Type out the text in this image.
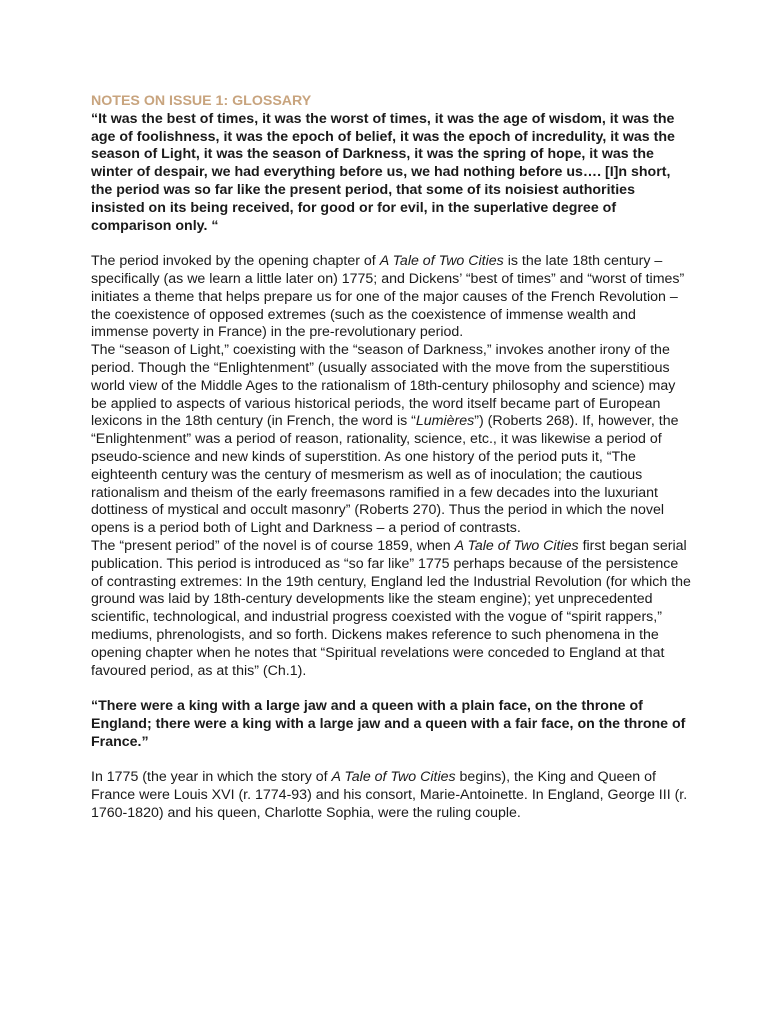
NOTES ON ISSUE 1: GLOSSARY

“It was the best of times, it was the worst of times, it was the age of wisdom, it was the age of foolishness, it was the epoch of belief, it was the epoch of incredulity, it was the season of Light, it was the season of Darkness, it was the spring of hope, it was the winter of despair, we had everything before us, we had nothing before us…. [I]n short, the period was so far like the present period, that some of its noisiest authorities insisted on its being received, for good or for evil, in the superlative degree of comparison only. “

The period invoked by the opening chapter of A Tale of Two Cities is the late 18th century – specifically (as we learn a little later on) 1775; and Dickens’ “best of times” and “worst of times” initiates a theme that helps prepare us for one of the major causes of the French Revolution – the coexistence of opposed extremes (such as the coexistence of immense wealth and immense poverty in France) in the pre-revolutionary period.

The “season of Light,” coexisting with the “season of Darkness,” invokes another irony of the period. Though the “Enlightenment” (usually associated with the move from the superstitious world view of the Middle Ages to the rationalism of 18th-century philosophy and science) may be applied to aspects of various historical periods, the word itself became part of European lexicons in the 18th century (in French, the word is “Lumières”) (Roberts 268). If, however, the “Enlightenment” was a period of reason, rationality, science, etc., it was likewise a period of pseudo-science and new kinds of superstition. As one history of the period puts it, “The eighteenth century was the century of mesmerism as well as of inoculation; the cautious rationalism and theism of the early freemasons ramified in a few decades into the luxuriant dottiness of mystical and occult masonry” (Roberts 270). Thus the period in which the novel opens is a period both of Light and Darkness – a period of contrasts.

The “present period” of the novel is of course 1859, when A Tale of Two Cities first began serial publication. This period is introduced as “so far like” 1775 perhaps because of the persistence of contrasting extremes: In the 19th century, England led the Industrial Revolution (for which the ground was laid by 18th-century developments like the steam engine); yet unprecedented scientific, technological, and industrial progress coexisted with the vogue of “spirit rappers,” mediums, phrenologists, and so forth. Dickens makes reference to such phenomena in the opening chapter when he notes that “Spiritual revelations were conceded to England at that favoured period, as at this” (Ch.1).

“There were a king with a large jaw and a queen with a plain face, on the throne of England; there were a king with a large jaw and a queen with a fair face, on the throne of France.”

In 1775 (the year in which the story of A Tale of Two Cities begins), the King and Queen of France were Louis XVI (r. 1774-93) and his consort, Marie-Antoinette. In England, George III (r. 1760-1820) and his queen, Charlotte Sophia, were the ruling couple.
